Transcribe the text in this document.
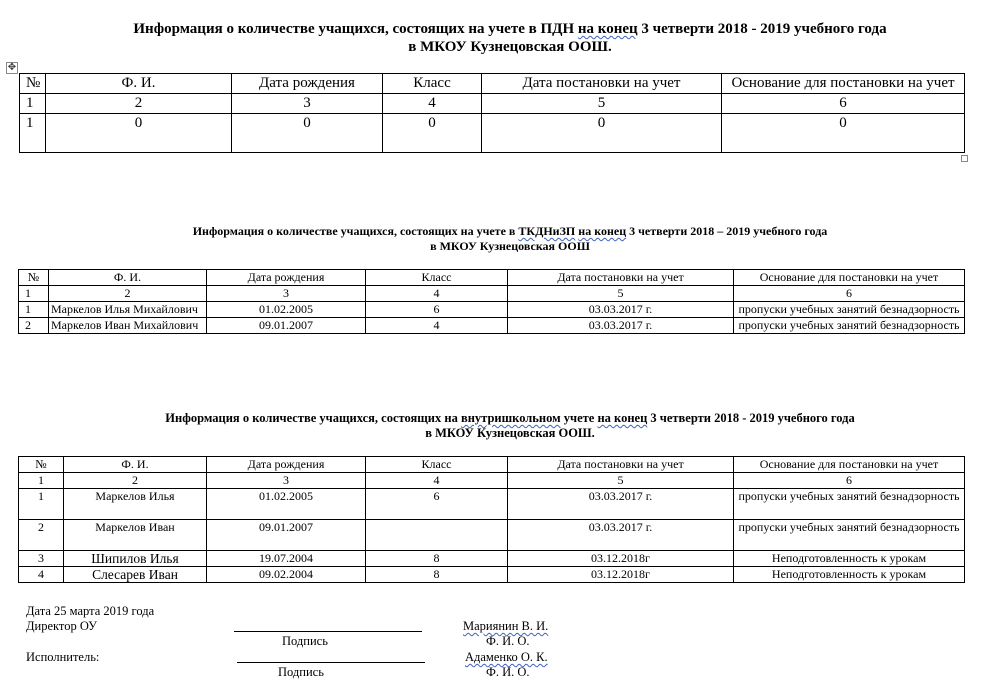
Информация о количестве учащихся, состоящих на учете в ПДН на конец 3 четверти 2018 - 2019 учебного года
в МКОУ Кузнецовская ООШ.
✥
№	Ф. И.	Дата рождения	Класс	Дата постановки на учет	Основание для постановки на учет
1	2	3	4	5	6
1	0	0	0	0	0
Информация о количестве учащихся, состоящих на учете в ТКДНиЗП на конец 3 четверти 2018 – 2019 учебного года
в МКОУ Кузнецовская ООШ
№	Ф. И.	Дата рождения	Класс	Дата постановки на учет	Основание для постановки на учет
1	2	3	4	5	6
1	Маркелов Илья Михайлович	01.02.2005	6	03.03.2017 г.	пропуски учебных занятий безнадзорность
2	Маркелов Иван Михайлович	09.01.2007	4	03.03.2017 г.	пропуски учебных занятий безнадзорность
Информация о количестве учащихся, состоящих на внутришкольном учете на конец 3 четверти 2018 - 2019 учебного года
в МКОУ Кузнецовская ООШ.
№	Ф. И.	Дата рождения	Класс	Дата постановки на учет	Основание для постановки на учет
1	2	3	4	5	6
1	Маркелов Илья	01.02.2005	6	03.03.2017 г.	пропуски учебных занятий безнадзорность
2	Маркелов Иван	09.01.2007		03.03.2017 г.	пропуски учебных занятий безнадзорность
3	Шипилов Илья	19.07.2004	8	03.12.2018г	Неподготовленность к урокам
4	Слесарев Иван	09.02.2004	8	03.12.2018г	Неподготовленность к урокам
Дата 25 марта 2019 года
Директор ОУ
Подпись
Мариянин В. И.
Ф. И. О.
Исполнитель:
Подпись
Адаменко О. К.
Ф. И. О.
